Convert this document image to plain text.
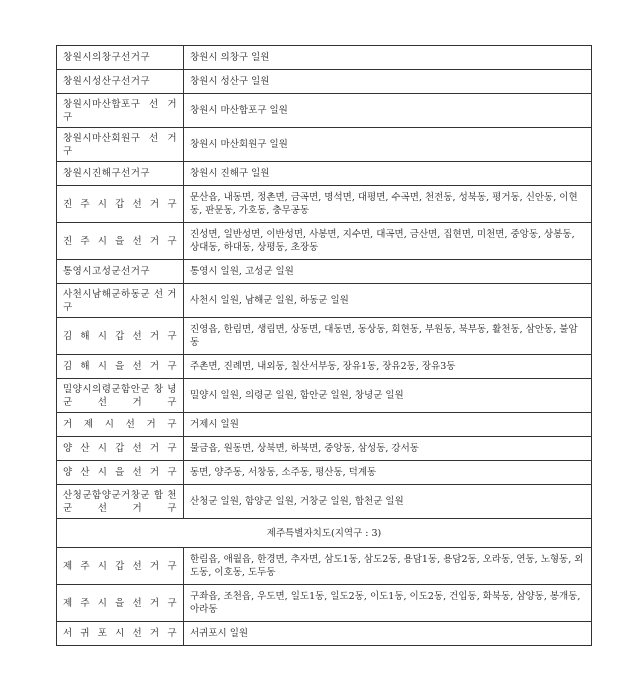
창원시의창구선거구	창원시 의창구 일원
창원시성산구선거구	창원시 성산구 일원
창원시마산합포구 선 거 구	창원시 마산합포구 일원
창원시마산회원구 선 거 구	창원시 마산회원구 일원
창원시진해구선거구	창원시 진해구 일원
진 주 시 갑 선 거 구	문산읍, 내동면, 정촌면, 금곡면, 명석면, 대평면, 수곡면, 천전동, 성북동, 평거동, 신안동, 이현동, 판문동, 가호동, 충무공동
진 주 시 을 선 거 구	진성면, 일반성면, 이반성면, 사봉면, 지수면, 대곡면, 금산면, 집현면, 미천면, 중앙동, 상봉동, 상대동, 하대동, 상평동, 초장동
통영시고성군선거구	통영시 일원, 고성군 일원
사천시남해군하동군 선 거 구	사천시 일원, 남해군 일원, 하동군 일원
김 해 시 갑 선 거 구	진영읍, 한림면, 생림면, 상동면, 대동면, 동상동, 회현동, 부원동, 북부동, 활천동, 삼안동, 불암동
김 해 시 을 선 거 구	주촌면, 진례면, 내외동, 칠산서부동, 장유1동, 장유2동, 장유3동
밀양시의령군함안군 창 녕 군 선 거 구	밀양시 일원, 의령군 일원, 함안군 일원, 창녕군 일원
거 제 시 선 거 구	거제시 일원
양 산 시 갑 선 거 구	물금읍, 원동면, 상북면, 하북면, 중앙동, 삼성동, 강서동
양 산 시 을 선 거 구	동면, 양주동, 서창동, 소주동, 평산동, 덕계동
산청군함양군거창군 합 천 군 선 거 구	산청군 일원, 함양군 일원, 거창군 일원, 합천군 일원
제주특별자치도(지역구 : 3)	
제 주 시 갑 선 거 구	한림읍, 애월읍, 한경면, 추자면, 삼도1동, 삼도2동, 용담1동, 용담2동, 오라동, 연동, 노형동, 외도동, 이호동, 도두동
제 주 시 을 선 거 구	구좌읍, 조천읍, 우도면, 일도1동, 일도2동, 이도1동, 이도2동, 건입동, 화북동, 삼양동, 봉개동, 아라동
서 귀 포 시 선 거 구	서귀포시 일원
